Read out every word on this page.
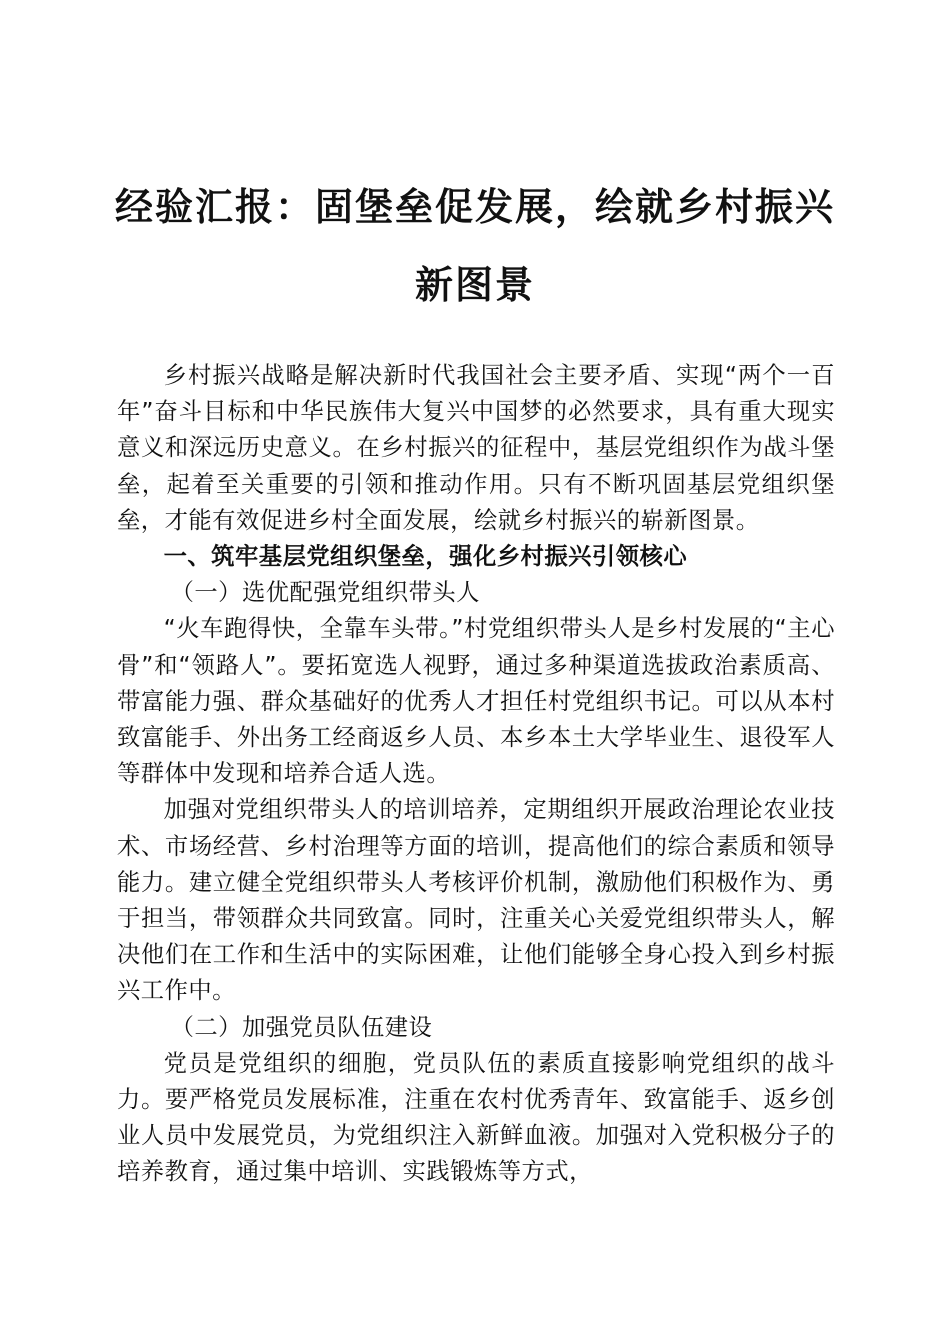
经验汇报：固堡垒促发展，绘就乡村振兴新图景

乡村振兴战略是解决新时代我国社会主要矛盾、实现“两个一百年”奋斗目标和中华民族伟大复兴中国梦的必然要求，具有重大现实意义和深远历史意义。在乡村振兴的征程中，基层党组织作为战斗堡垒，起着至关重要的引领和推动作用。只有不断巩固基层党组织堡垒，才能有效促进乡村全面发展，绘就乡村振兴的崭新图景。

一、筑牢基层党组织堡垒，强化乡村振兴引领核心

（一）选优配强党组织带头人

“火车跑得快，全靠车头带。”村党组织带头人是乡村发展的“主心骨”和“领路人”。要拓宽选人视野，通过多种渠道选拔政治素质高、带富能力强、群众基础好的优秀人才担任村党组织书记。可以从本村致富能手、外出务工经商返乡人员、本乡本土大学毕业生、退役军人等群体中发现和培养合适人选。

加强对党组织带头人的培训培养，定期组织开展政治理论农业技术、市场经营、乡村治理等方面的培训，提高他们的综合素质和领导能力。建立健全党组织带头人考核评价机制，激励他们积极作为、勇于担当，带领群众共同致富。同时，注重关心关爱党组织带头人，解决他们在工作和生活中的实际困难，让他们能够全身心投入到乡村振兴工作中。

（二）加强党员队伍建设

党员是党组织的细胞，党员队伍的素质直接影响党组织的战斗力。要严格党员发展标准，注重在农村优秀青年、致富能手、返乡创业人员中发展党员，为党组织注入新鲜血液。加强对入党积极分子的培养教育，通过集中培训、实践锻炼等方式，
